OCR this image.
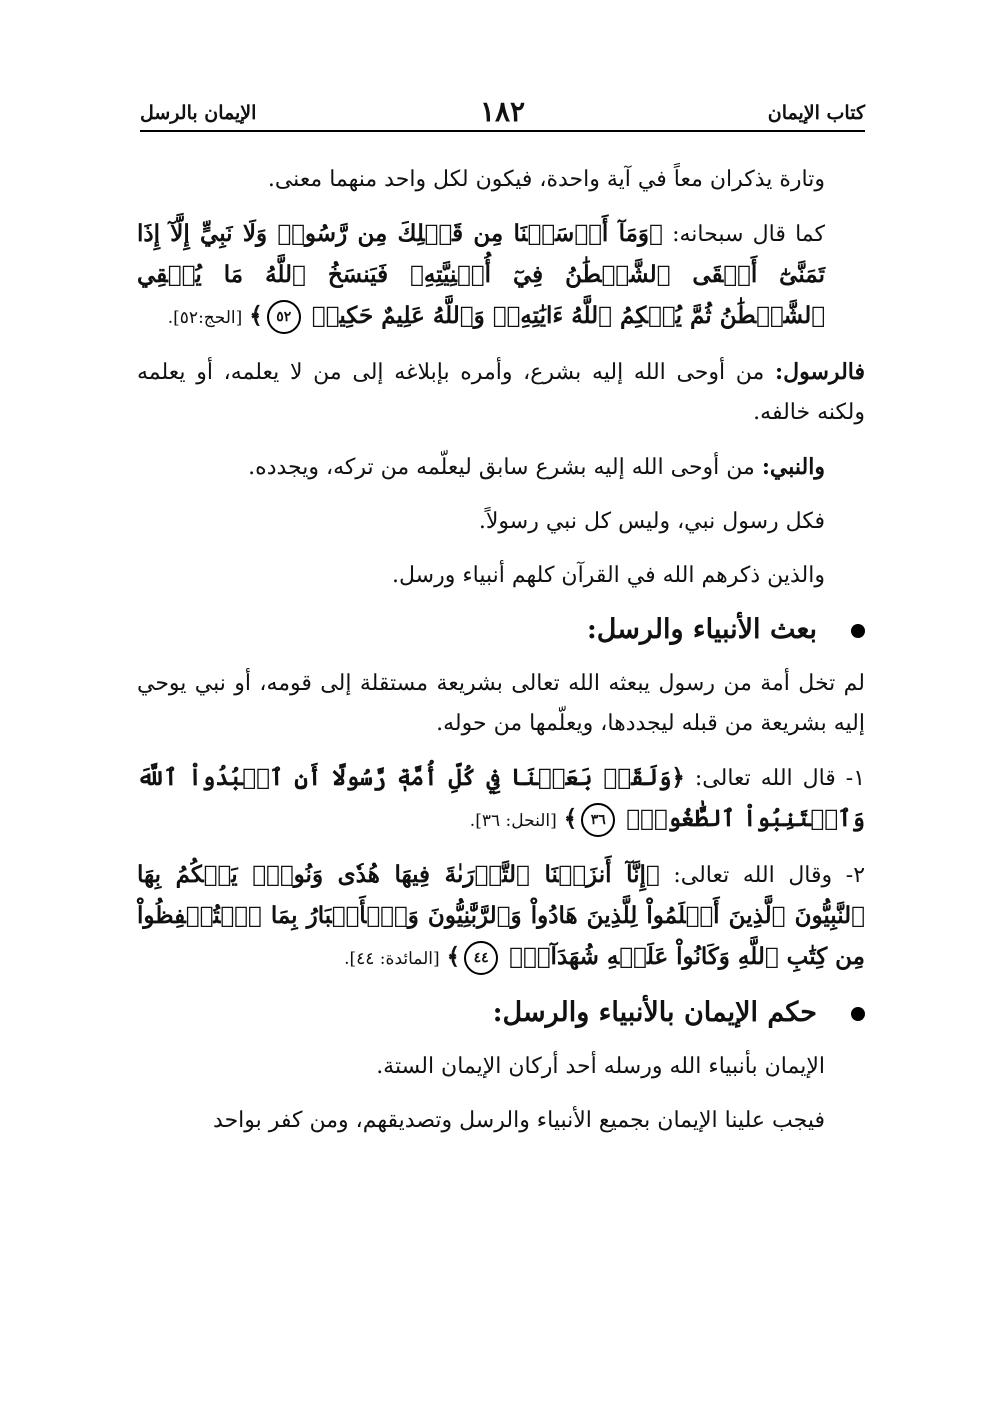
كتاب الإيمان
١٨٢
الإيمان بالرسل

وتارة يذكران معاً في آية واحدة، فيكون لكل واحد منهما معنى.

كما قال سبحانه: ﴿وَمَآ أَرۡسَلۡنَا مِن قَبۡلِكَ مِن رَّسُولٖ وَلَا نَبِيٍّ إِلَّآ إِذَا تَمَنَّىٰٓ أَلۡقَى ٱلشَّيۡطَٰنُ فِيٓ أُمۡنِيَّتِهِۦ فَيَنسَخُ ٱللَّهُ مَا يُلۡقِي ٱلشَّيۡطَٰنُ ثُمَّ يُحۡكِمُ ٱللَّهُ ءَايَٰتِهِۦۗ وَٱللَّهُ عَلِيمٌ حَكِيمٞ ٥٢﴾ [الحج:٥٢].

فالرسول: من أوحى الله إليه بشرع، وأمره بإبلاغه إلى من لا يعلمه، أو يعلمه ولكنه خالفه.

والنبي: من أوحى الله إليه بشرع سابق ليعلّمه من تركه، ويجدده.

فكل رسول نبي، وليس كل نبي رسولاً.

والذين ذكرهم الله في القرآن كلهم أنبياء ورسل.

بعث الأنبياء والرسل:

لم تخل أمة من رسول يبعثه الله تعالى بشريعة مستقلة إلى قومه، أو نبي يوحي إليه بشريعة من قبله ليجددها، ويعلّمها من حوله.

١- قال الله تعالى: ﴿وَلَقَدۡ بَعَثۡنَا فِي كُلِّ أُمَّةٖ رَّسُولًا أَنِ ٱعۡبُدُواْ ٱللَّهَ وَٱجۡتَنِبُواْ ٱلطَّٰغُوتَۖ ٣٦﴾ [النحل: ٣٦].

٢- وقال الله تعالى: ﴿إِنَّآ أَنزَلۡنَا ٱلتَّوۡرَىٰةَ فِيهَا هُدٗى وَنُورٞۚ يَحۡكُمُ بِهَا ٱلنَّبِيُّونَ ٱلَّذِينَ أَسۡلَمُواْ لِلَّذِينَ هَادُواْ وَٱلرَّبَّٰنِيُّونَ وَٱلۡأَحۡبَارُ بِمَا ٱسۡتُحۡفِظُواْ مِن كِتَٰبِ ٱللَّهِ وَكَانُواْ عَلَيۡهِ شُهَدَآءَۚ ٤٤﴾ [المائدة: ٤٤].

حكم الإيمان بالأنبياء والرسل:

الإيمان بأنبياء الله ورسله أحد أركان الإيمان الستة.

فيجب علينا الإيمان بجميع الأنبياء والرسل وتصديقهم، ومن كفر بواحد
